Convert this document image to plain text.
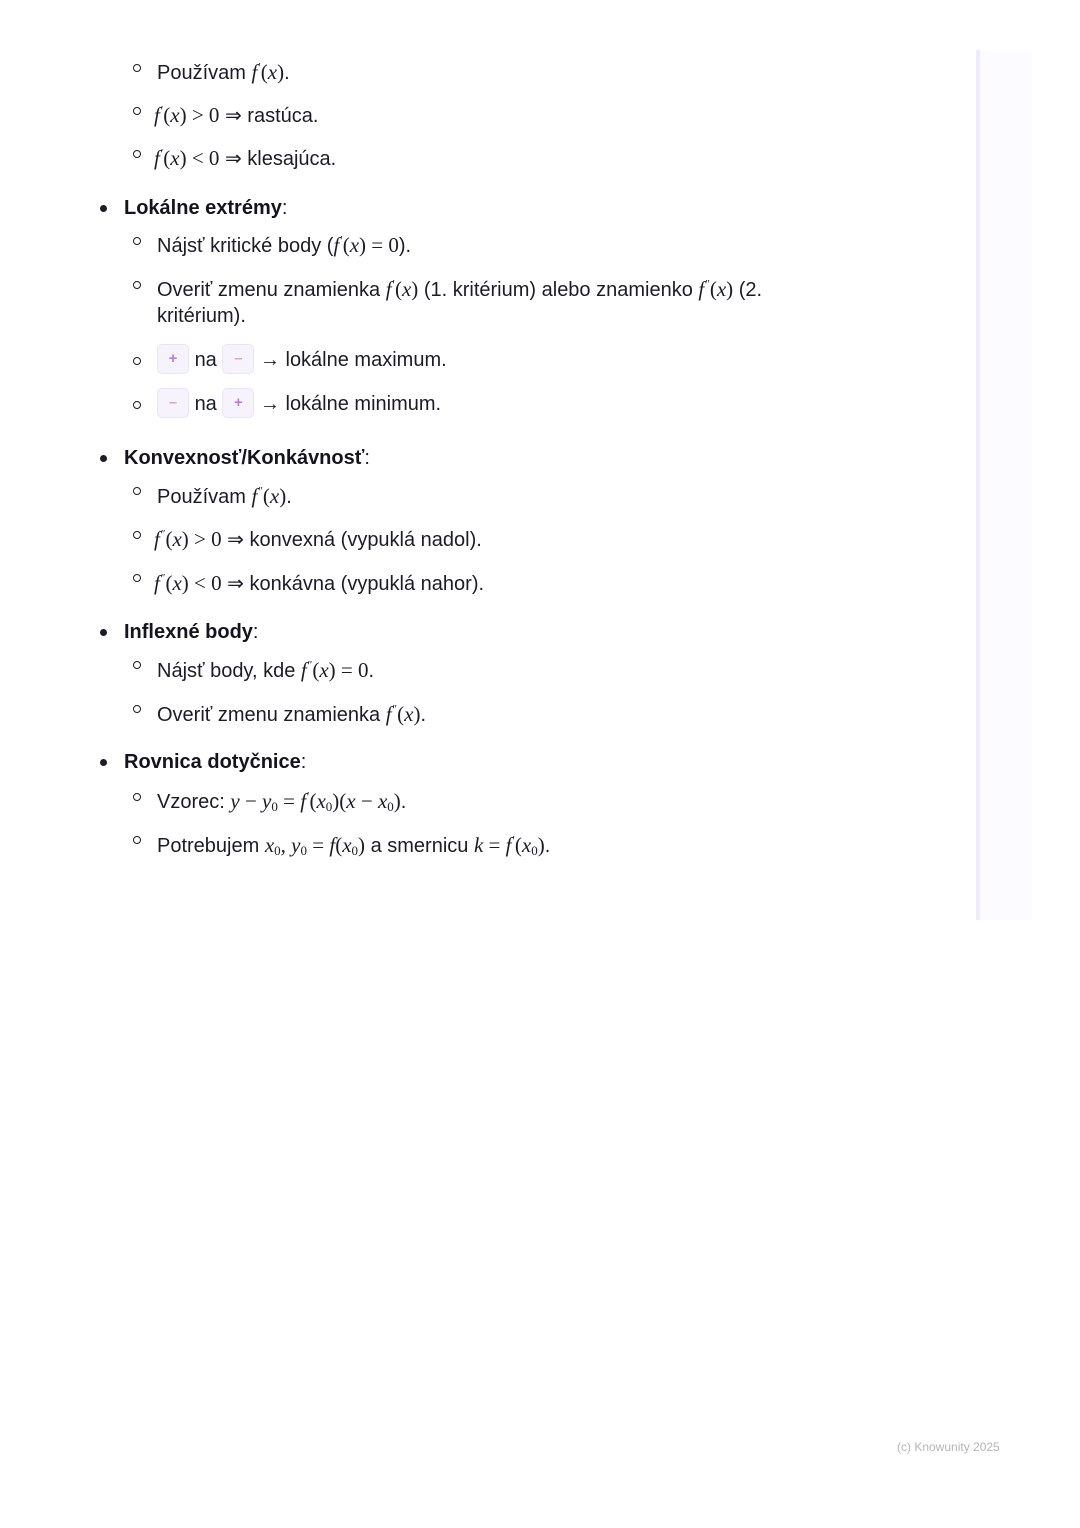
Používam f′(x).
f′(x) > 0 ⇒ rastúca.
f′(x) < 0 ⇒ klesajúca.
Lokálne extrémy:
Nájsť kritické body (f′(x) = 0).
Overiť zmenu znamienka f′(x) (1. kritérium) alebo znamienko f″(x) (2.
kritérium).
+ na – → lokálne maximum.
– na + → lokálne minimum.
Konvexnosť/Konkávnosť:
Používam f″(x).
f″(x) > 0 ⇒ konvexná (vypuklá nadol).
f″(x) < 0 ⇒ konkávna (vypuklá nahor).
Inflexné body:
Nájsť body, kde f″(x) = 0.
Overiť zmenu znamienka f″(x).
Rovnica dotyčnice:
Vzorec: $y - y_0 = f'(x_0)(x - x_0)$.
Potrebujem $x_0$, $y_0 = f(x_0)$ a smernicu $k = f'(x_0)$.
(c) Knowunity 2025
